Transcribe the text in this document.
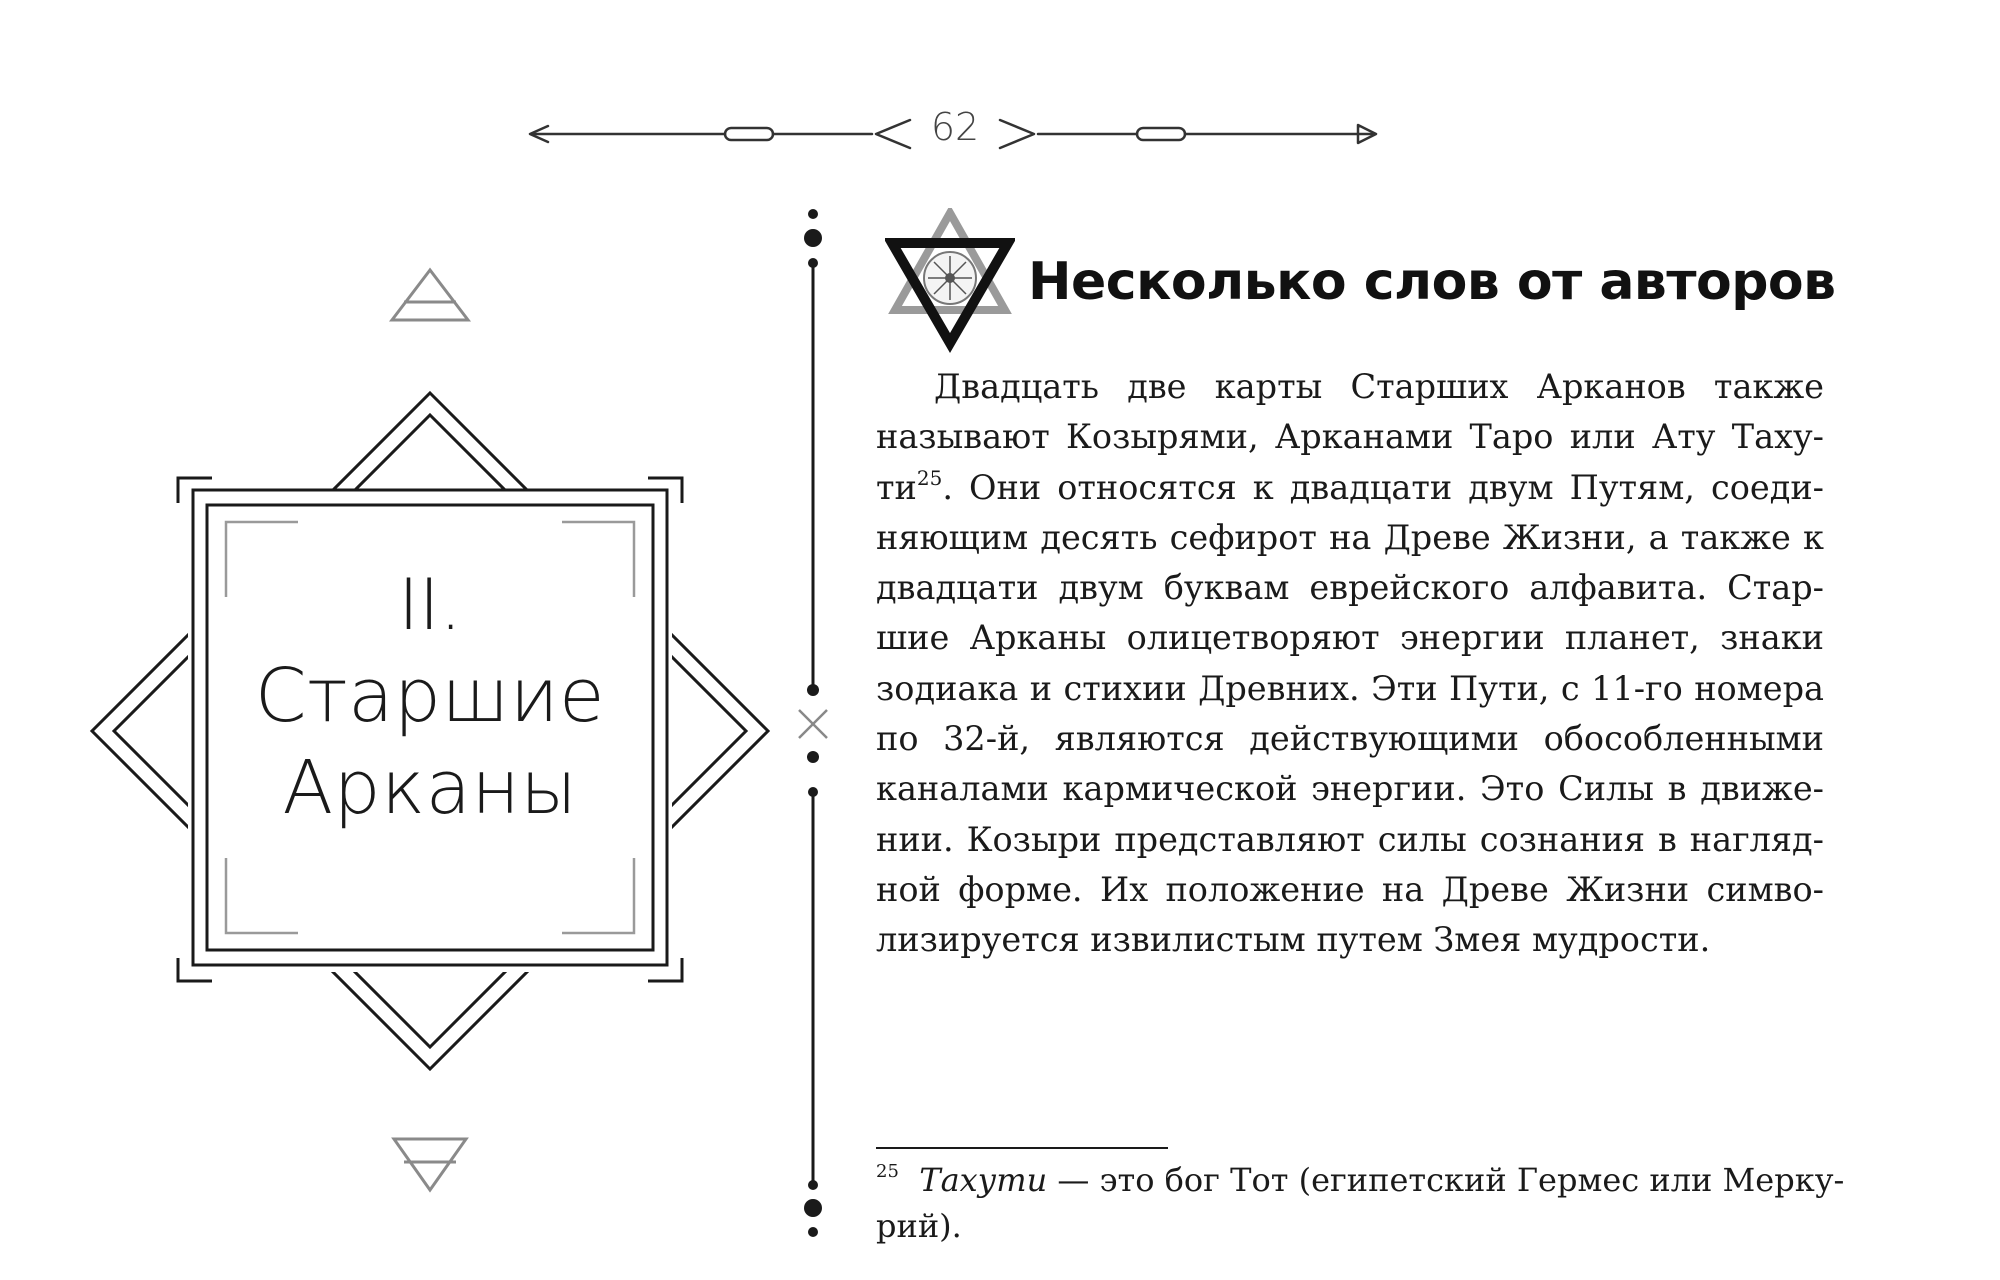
62
II.
Старшие
Арканы
Несколько слов от авторов
Двадцать две карты Старших Арканов также
называют Козырями, Арканами Таро или Ату Таху-
$ти^{25}$. Они относятся к двадцати двум Путям, соеди-
няющим десять сефирот на Древе Жизни, а также к
двадцати двум буквам еврейского алфавита. Стар-
шие Арканы олицетворяют энергии планет, знаки
зодиака и стихии Древних. Эти Пути, с 11-го номера
по 32-й, являются действующими обособленными
каналами кармической энергии. Это Силы в движе-
нии. Козыри представляют силы сознания в нагляд-
ной форме. Их положение на Древе Жизни симво-
лизируется извилистым путем Змея мудрости.
$^{25}$ Тахути — это бог Тот (египетский Гермес или Мерку-
рий).
